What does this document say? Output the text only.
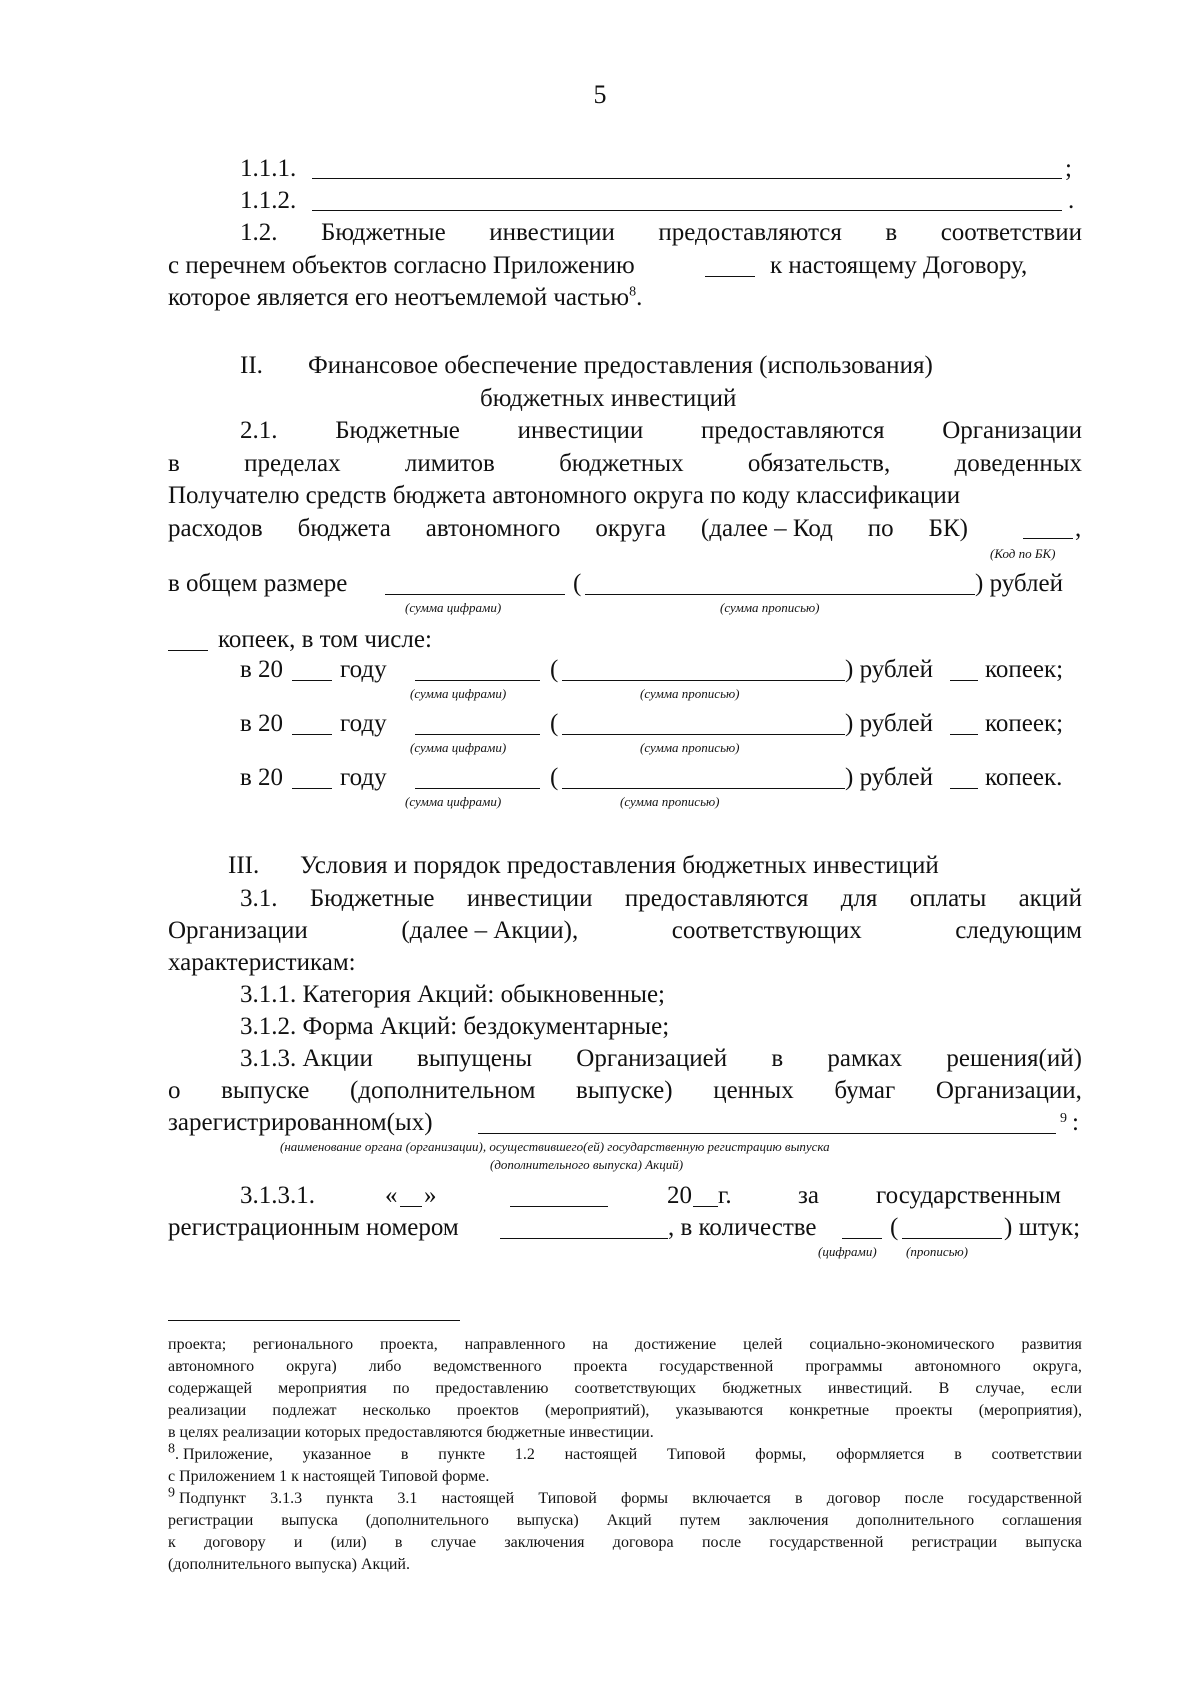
5
1.1.1.	;
1.1.2.	.
1.2. Бюджетные инвестиции предоставляются в соответствии
с перечнем объектов согласно Приложению	к настоящему Договору,
которое является его неотъемлемой частью$^8$.
II. Финансовое обеспечение предоставления (использования)
бюджетных инвестиций
2.1. Бюджетные инвестиции предоставляются Организации
в	пределах	лимитов	бюджетных	обязательств,	доведенных
Получателю средств бюджета автономного округа по коду классификации
расходов бюджета автономного округа (далее – Код по БК)	,
(Код по БК)
в общем размере	(	) рублей
(сумма цифрами)	(сумма прописью)
копеек, в том числе:
в 20 году	(	) рублей копеек;
(сумма цифрами)	(сумма прописью)
в 20 году	(	) рублей копеек;
(сумма цифрами)	(сумма прописью)
в 20 году	(	) рублей копеек.
(сумма цифрами)	(сумма прописью)
III. Условия и порядок предоставления бюджетных инвестиций
3.1. Бюджетные инвестиции предоставляются для оплаты акций
Организации	(далее – Акции),	соответствующих	следующим
характеристикам:
3.1.1. Категория Акций: обыкновенные;
3.1.2. Форма Акций: бездокументарные;
3.1.3. Акции выпущены Организацией в рамках решения(ий)
о выпуске (дополнительном выпуске) ценных бумаг Организации,
зарегистрированном(ых)	9 :
(наименование органа (организации), осуществившего(ей) государственную регистрацию выпуска
(дополнительного выпуска) Акций)
3.1.3.1.	« »	20 г.	за государственным
регистрационным номером	, в количестве	(	) штук;
(цифрами) (прописью)
проекта; регионального проекта, направленного на достижение целей социально-экономического развития
автономного округа) либо ведомственного проекта государственной программы автономного округа,
содержащей мероприятия по предоставлению соответствующих бюджетных инвестиций. В случае, если
реализации подлежат несколько проектов (мероприятий), указываются конкретные проекты (мероприятия),
в целях реализации которых предоставляются бюджетные инвестиции.
$^8$. Приложение, указанное в пункте 1.2 настоящей Типовой формы, оформляется в соответствии
с Приложением 1 к настоящей Типовой форме.
$^9$ Подпункт 3.1.3 пункта 3.1 настоящей Типовой формы включается в договор после государственной
регистрации выпуска (дополнительного выпуска) Акций путем заключения дополнительного соглашения
к договору и (или) в случае заключения договора после государственной регистрации выпуска
(дополнительного выпуска) Акций.
